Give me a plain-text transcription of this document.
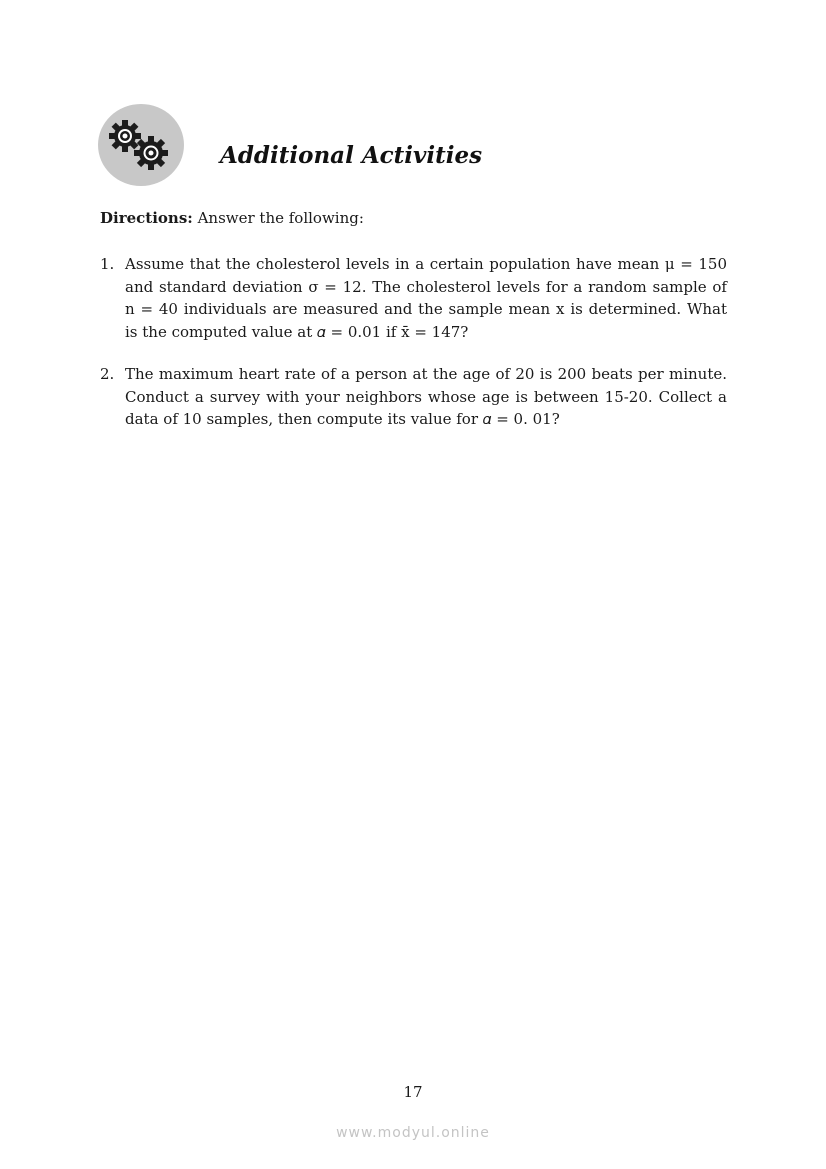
Additional Activities
Directions: Answer the following:
1. Assume that the cholesterol levels in a certain population have mean μ = 150 and standard deviation σ = 12. The cholesterol levels for a random sample of n = 40 individuals are measured and the sample mean x is determined. What is the computed value at 𝛼 = 0.01 if x̄ = 147?
2. The maximum heart rate of a person at the age of 20 is 200 beats per minute. Conduct a survey with your neighbors whose age is between 15-20. Collect a data of 10 samples, then compute its value for 𝛼 = 0. 01?
17
www.modyul.online
